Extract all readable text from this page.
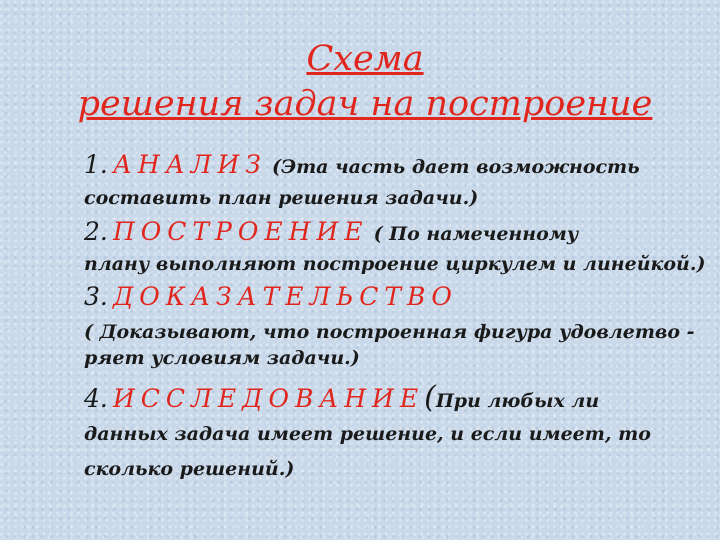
Схема
решения задач на построение
1. АНАЛИЗ (Эта часть дает возможность
составить план решения задачи.)
2. ПОСТРОЕНИЕ ( По намеченному
плану выполняют построение циркулем и линейкой.)
3. ДОКАЗАТЕЛЬСТВО
( Доказывают, что построенная фигура удовлетво -
ряет условиям задачи.)
4. ИССЛЕДОВАНИЕ(При любых ли
данных задача имеет решение, и если имеет, то
сколько решений.)
